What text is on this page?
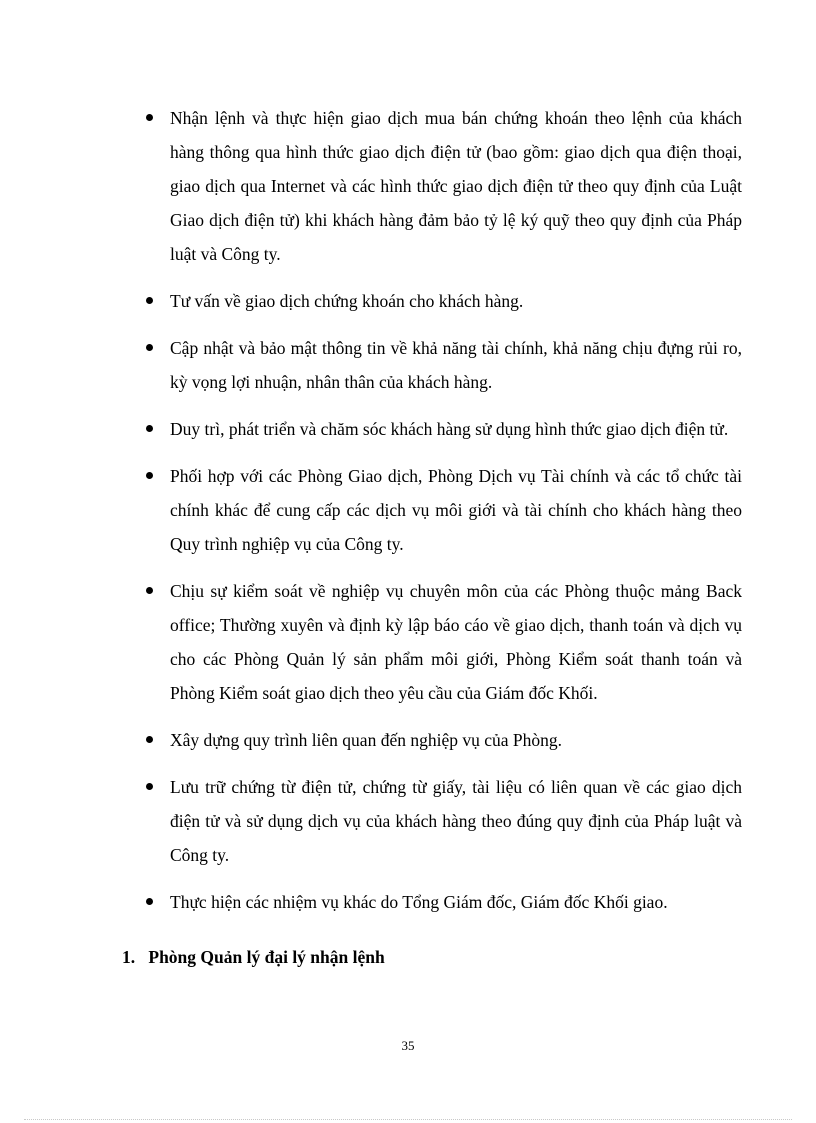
Nhận lệnh và thực hiện giao dịch mua bán chứng khoán theo lệnh của khách hàng thông qua hình thức giao dịch điện tử (bao gồm: giao dịch qua điện thoại, giao dịch qua Internet và các hình thức giao dịch điện tử theo quy định của Luật Giao dịch điện tử) khi khách hàng đảm bảo tỷ lệ ký quỹ theo quy định của Pháp luật và Công ty.
Tư vấn về giao dịch chứng khoán cho khách hàng.
Cập nhật và bảo mật thông tin về khả năng tài chính, khả năng chịu đựng rủi ro, kỳ vọng lợi nhuận, nhân thân của khách hàng.
Duy trì, phát triển và chăm sóc khách hàng sử dụng hình thức giao dịch điện tử.
Phối hợp với các Phòng Giao dịch, Phòng Dịch vụ Tài chính và các tổ chức tài chính khác để cung cấp các dịch vụ môi giới và tài chính cho khách hàng theo Quy trình nghiệp vụ của Công ty.
Chịu sự kiểm soát về nghiệp vụ chuyên môn của các Phòng thuộc mảng Back office; Thường xuyên và định kỳ lập báo cáo về giao dịch, thanh toán và dịch vụ cho các Phòng Quản lý sản phẩm môi giới, Phòng Kiểm soát thanh toán và Phòng Kiểm soát giao dịch theo yêu cầu của Giám đốc Khối.
Xây dựng quy trình liên quan đến nghiệp vụ của Phòng.
Lưu trữ chứng từ điện tử, chứng từ giấy, tài liệu có liên quan về các giao dịch điện tử và sử dụng dịch vụ của khách hàng theo đúng quy định của Pháp luật và Công ty.
Thực hiện các nhiệm vụ khác do Tổng Giám đốc, Giám đốc Khối giao.
1. Phòng Quản lý đại lý nhận lệnh
35
